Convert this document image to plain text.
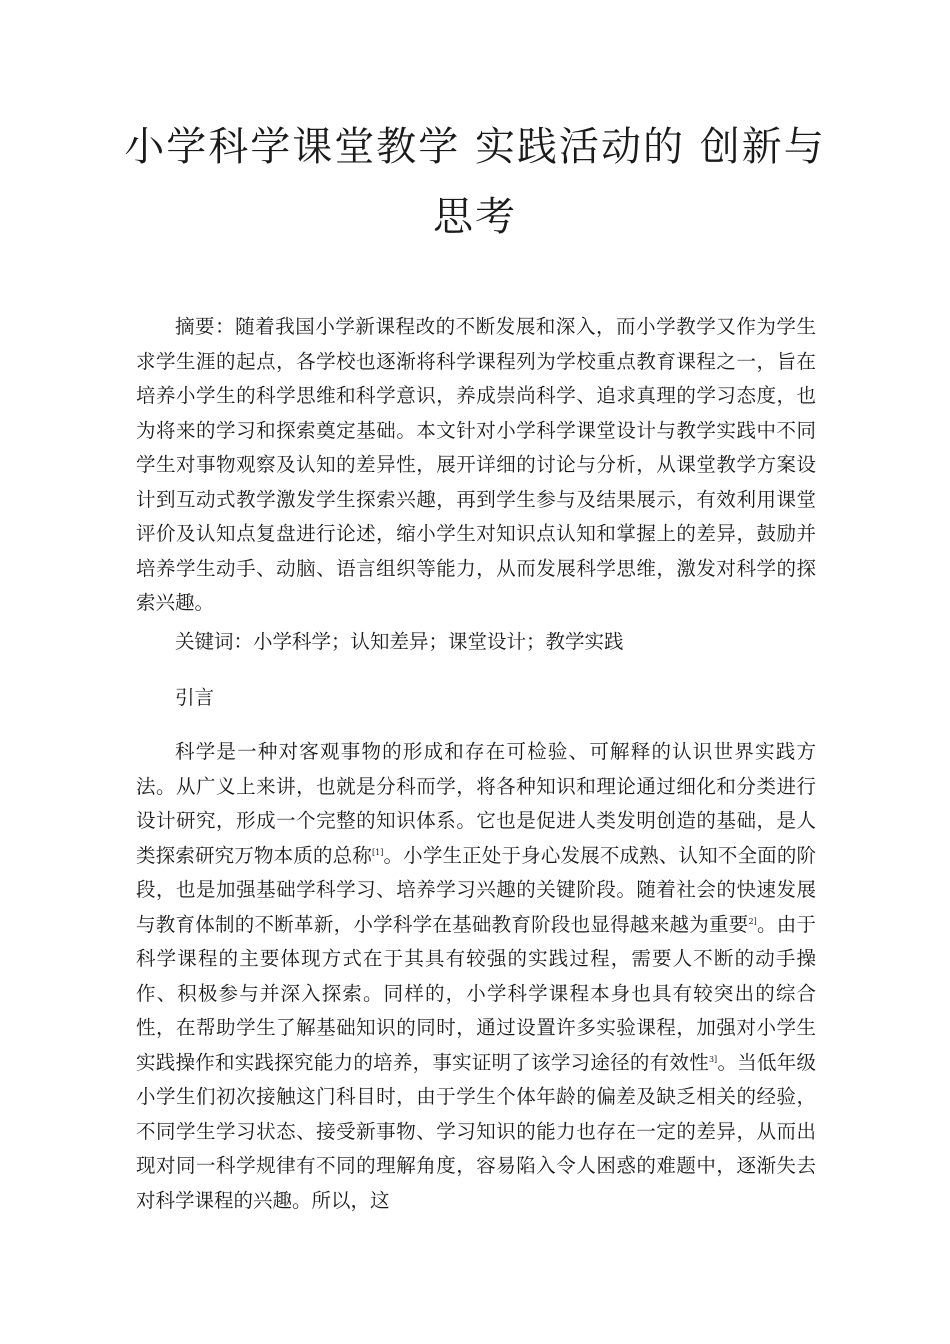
小学科学课堂教学 实践活动的 创新与
思考

摘要：随着我国小学新课程改的不断发展和深入，而小学教学又作为学生求学生涯的起点，各学校也逐渐将科学课程列为学校重点教育课程之一，旨在培养小学生的科学思维和科学意识，养成崇尚科学、追求真理的学习态度，也为将来的学习和探索奠定基础。本文针对小学科学课堂设计与教学实践中不同学生对事物观察及认知的差异性，展开详细的讨论与分析，从课堂教学方案设计到互动式教学激发学生探索兴趣，再到学生参与及结果展示，有效利用课堂评价及认知点复盘进行论述，缩小学生对知识点认知和掌握上的差异，鼓励并培养学生动手、动脑、语言组织等能力，从而发展科学思维，激发对科学的探索兴趣。

关键词：小学科学；认知差异；课堂设计；教学实践

引言

科学是一种对客观事物的形成和存在可检验、可解释的认识世界实践方法。从广义上来讲，也就是分科而学，将各种知识和理论通过细化和分类进行设计研究，形成一个完整的知识体系。它也是促进人类发明创造的基础，是人类探索研究万物本质的总称[1]。小学生正处于身心发展不成熟、认知不全面的阶段，也是加强基础学科学习、培养学习兴趣的关键阶段。随着社会的快速发展与教育体制的不断革新，小学科学在基础教育阶段也显得越来越为重要$^{2]}$。由于科学课程的主要体现方式在于其具有较强的实践过程，需要人不断的动手操作、积极参与并深入探索。同样的，小学科学课程本身也具有较突出的综合性，在帮助学生了解基础知识的同时，通过设置许多实验课程，加强对小学生实践操作和实践探究能力的培养，事实证明了该学习途径的有效性$^{3]}$。当低年级小学生们初次接触这门科目时，由于学生个体年龄的偏差及缺乏相关的经验，不同学生学习状态、接受新事物、学习知识的能力也存在一定的差异，从而出现对同一科学规律有不同的理解角度，容易陷入令人困惑的难题中，逐渐失去对科学课程的兴趣。所以，这
